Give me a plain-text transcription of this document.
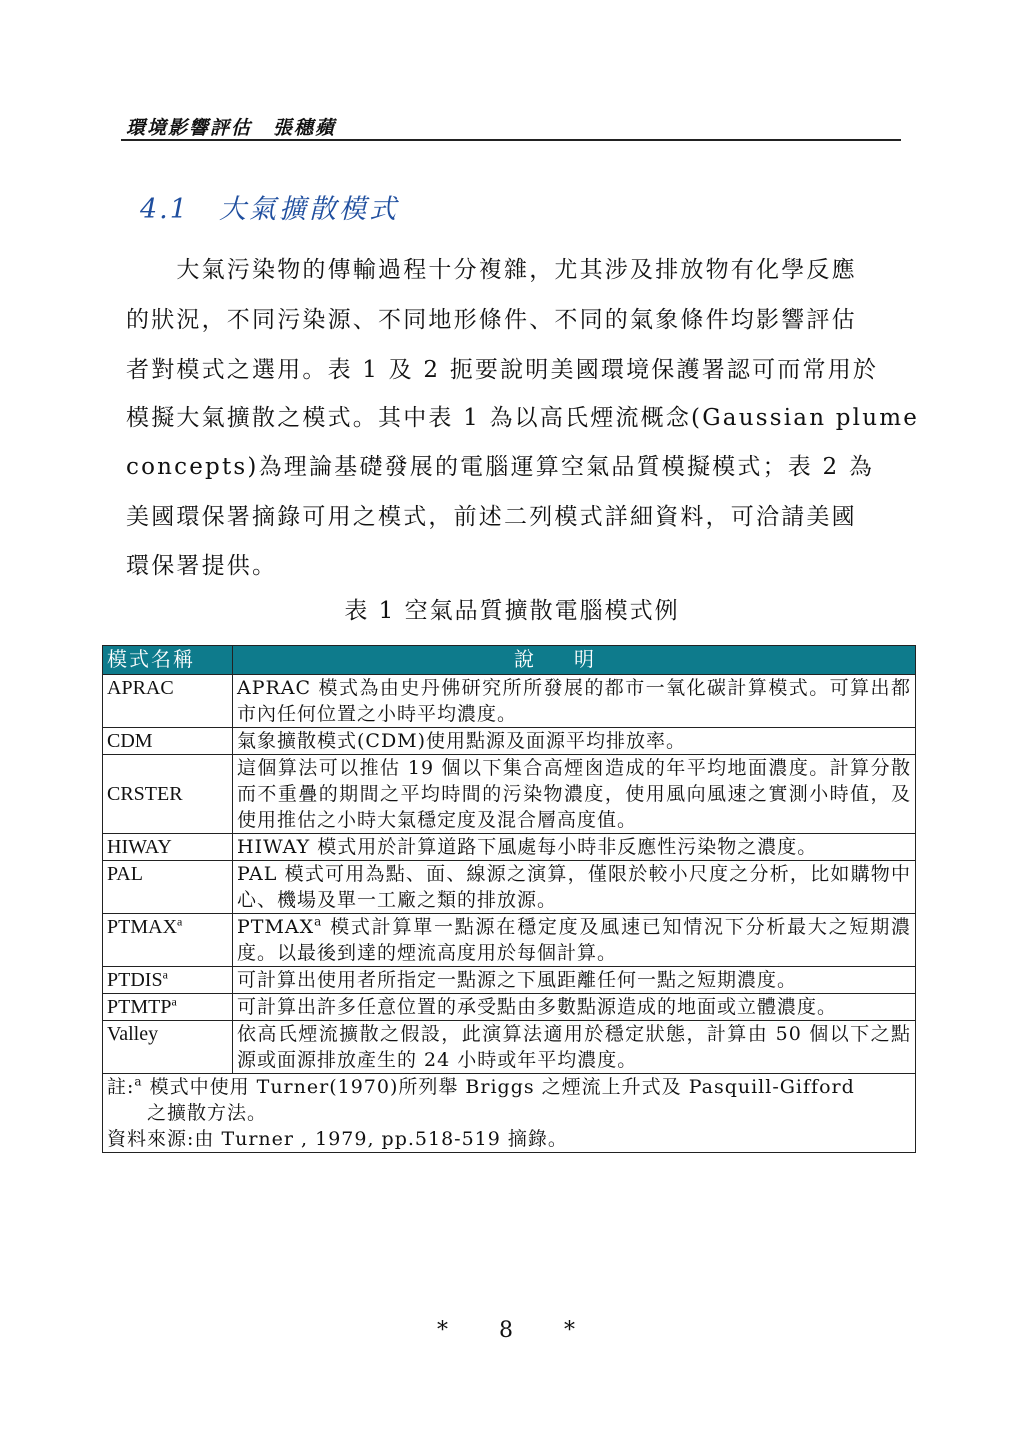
環境影響評估　張穗蘋
4.1 大氣擴散模式
　　大氣污染物的傳輸過程十分複雜，尤其涉及排放物有化學反應
的狀況，不同污染源、不同地形條件、不同的氣象條件均影響評估
者對模式之選用。表 1 及 2 扼要說明美國環境保護署認可而常用於
模擬大氣擴散之模式。其中表 1 為以高氏煙流概念(Gaussian plume
concepts)為理論基礎發展的電腦運算空氣品質模擬模式；表 2 為
美國環保署摘錄可用之模式，前述二列模式詳細資料，可洽請美國
環保署提供。
表 1 空氣品質擴散電腦模式例
模式名稱	說明
APRAC	APRAC 模式為由史丹佛研究所所發展的都市一氧化碳計算模式。可算出都市內任何位置之小時平均濃度。
CDM	氣象擴散模式(CDM)使用點源及面源平均排放率。
CRSTER	這個算法可以推估 19 個以下集合高煙囪造成的年平均地面濃度。計算分散而不重疊的期間之平均時間的污染物濃度，使用風向風速之實測小時值，及使用推估之小時大氣穩定度及混合層高度值。
HIWAY	HIWAY 模式用於計算道路下風處每小時非反應性污染物之濃度。
PAL	PAL 模式可用為點、面、線源之演算，僅限於較小尺度之分析，比如購物中心、機場及單一工廠之類的排放源。
PTMAX$^a$	PTMAX$^a$ 模式計算單一點源在穩定度及風速已知情況下分析最大之短期濃度。以最後到達的煙流高度用於每個計算。
PTDIS$^a$	可計算出使用者所指定一點源之下風距離任何一點之短期濃度。
PTMTP$^a$	可計算出許多任意位置的承受點由多數點源造成的地面或立體濃度。
Valley	依高氏煙流擴散之假設，此演算法適用於穩定狀態，計算由 50 個以下之點源或面源排放產生的 24 小時或年平均濃度。
註:$^a$ 模式中使用 Turner(1970)所列舉 Briggs 之煙流上升式及 Pasquill-Gifford
之擴散方法。
資料來源:由 Turner , 1979, pp.518-519 摘錄。	
* 8 *
